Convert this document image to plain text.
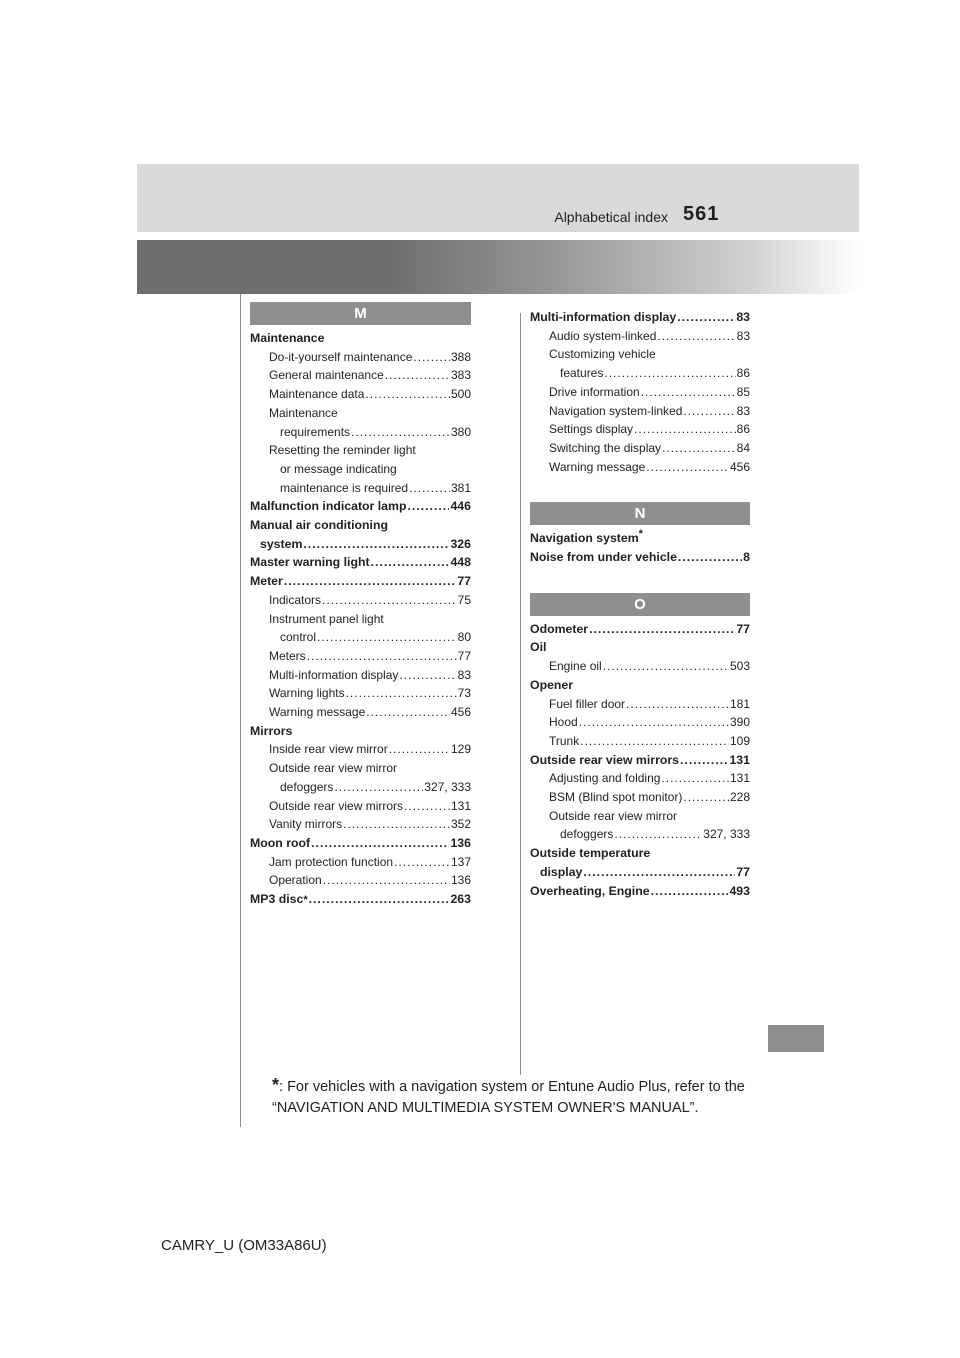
Alphabetical index 561
M
Maintenance
Do-it-yourself maintenance .....	388
General maintenance .....	383
Maintenance data .....	500
Maintenance
requirements .....	380
Resetting the reminder light
or message indicating
maintenance is required .....	381
Malfunction indicator lamp .....	446
Manual air conditioning
system .....	326
Master warning light .....	448
Meter .....	77
Indicators .....	75
Instrument panel light
control .....	80
Meters .....	77
Multi-information display .....	83
Warning lights .....	73
Warning message .....	456
Mirrors
Inside rear view mirror .....	129
Outside rear view mirror
defoggers .....	327, 333
Outside rear view mirrors .....	131
Vanity mirrors .....	352
Moon roof .....	136
Jam protection function .....	137
Operation .....	136
MP3 disc * .....	263
Multi-information display .....	83
Audio system-linked .....	83
Customizing vehicle
features .....	86
Drive information .....	85
Navigation system-linked .....	83
Settings display .....	86
Switching the display .....	84
Warning message .....	456
N
Navigation system*
Noise from under vehicle .....	8
O
Odometer .....	77
Oil
Engine oil .....	503
Opener
Fuel filler door .....	181
Hood .....	390
Trunk .....	109
Outside rear view mirrors .....	131
Adjusting and folding .....	131
BSM (Blind spot monitor) .....	228
Outside rear view mirror
defoggers .....	327, 333
Outside temperature
display .....	77
Overheating, Engine .....	493
*: For vehicles with a navigation system or Entune Audio Plus, refer to the “NAVIGATION AND MULTIMEDIA SYSTEM OWNER'S MANUAL”.
CAMRY_U (OM33A86U)
